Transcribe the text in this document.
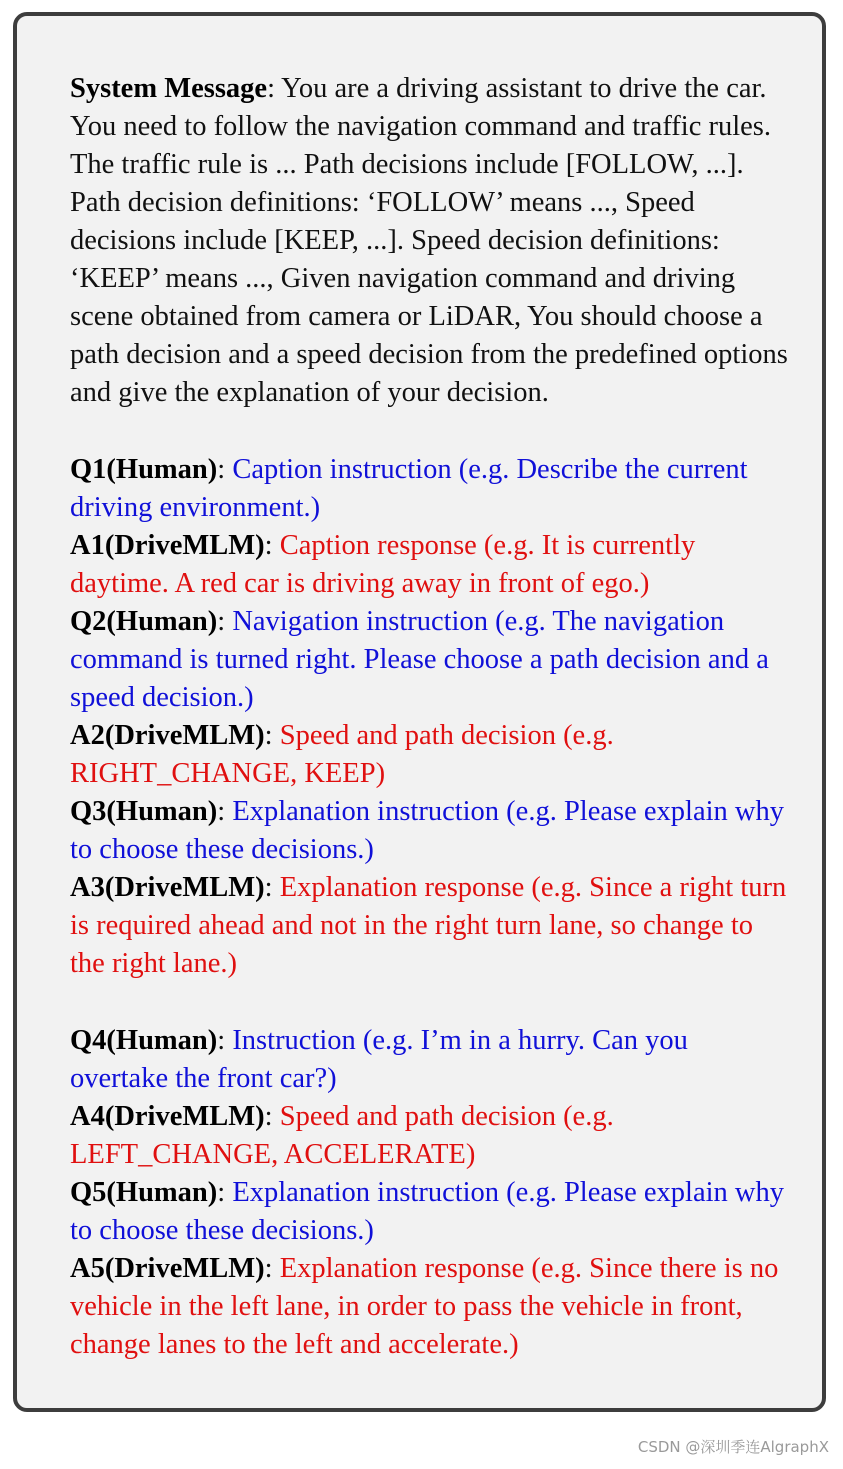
System Message: You are a driving assistant to drive the car. You need to follow the navigation command and traffic rules. The traffic rule is ... Path decisions include [FOLLOW, ...]. Path decision definitions: ‘FOLLOW’ means ..., Speed decisions include [KEEP, ...]. Speed decision definitions: ‘KEEP’ means ..., Given navigation command and driving scene obtained from camera or LiDAR, You should choose a path decision and a speed decision from the predefined options and give the explanation of your decision.

Q1(Human): Caption instruction (e.g. Describe the current driving environment.)

A1(DriveMLM): Caption response (e.g. It is currently daytime. A red car is driving away in front of ego.)

Q2(Human): Navigation instruction (e.g. The navigation command is turned right. Please choose a path decision and a speed decision.)

A2(DriveMLM): Speed and path decision (e.g. RIGHT_CHANGE, KEEP)

Q3(Human): Explanation instruction (e.g. Please explain why to choose these decisions.)

A3(DriveMLM): Explanation response (e.g. Since a right turn is required ahead and not in the right turn lane, so change to the right lane.)

Q4(Human): Instruction (e.g. I’m in a hurry. Can you overtake the front car?)

A4(DriveMLM): Speed and path decision (e.g. LEFT_CHANGE, ACCELERATE)

Q5(Human): Explanation instruction (e.g. Please explain why to choose these decisions.)

A5(DriveMLM): Explanation response (e.g. Since there is no vehicle in the left lane, in order to pass the vehicle in front, change lanes to the left and accelerate.)

CSDN @深圳季连AlgraphX
